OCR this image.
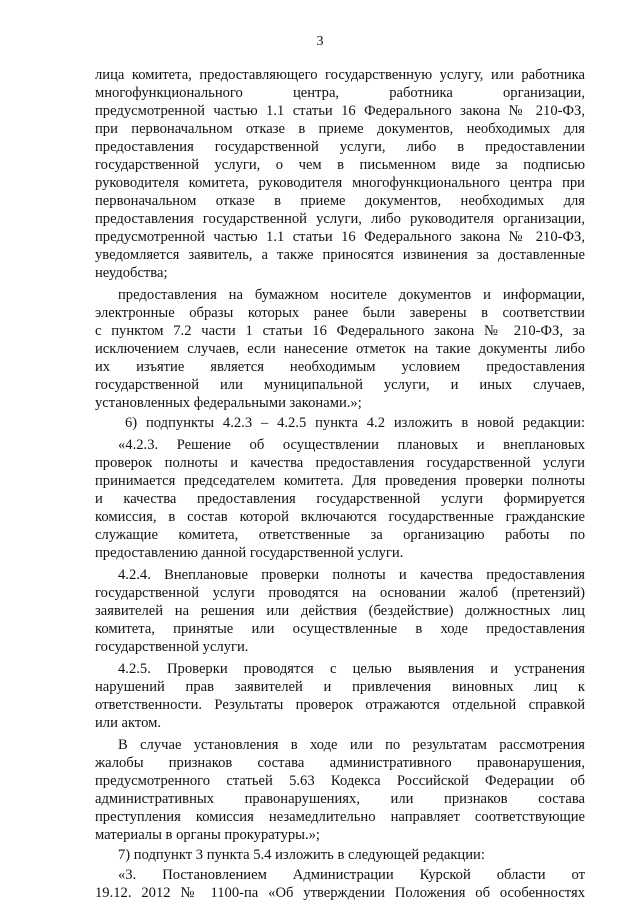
3
лица комитета, предоставляющего государственную услугу, или работника
многофункционального центра, работника организации,
предусмотренной частью 1.1 статьи 16 Федерального закона № 210-ФЗ,
при первоначальном отказе в приеме документов, необходимых для
предоставления государственной услуги, либо в предоставлении
государственной услуги, о чем в письменном виде за подписью
руководителя комитета, руководителя многофункционального центра при
первоначальном отказе в приеме документов, необходимых для
предоставления государственной услуги, либо руководителя организации,
предусмотренной частью 1.1 статьи 16 Федерального закона № 210-ФЗ,
уведомляется заявитель, а также приносятся извинения за доставленные
неудобства;
предоставления на бумажном носителе документов и информации,
электронные образы которых ранее были заверены в соответствии
с пунктом 7.2 части 1 статьи 16 Федерального закона № 210-ФЗ, за
исключением случаев, если нанесение отметок на такие документы либо
их изъятие является необходимым условием предоставления
государственной или муниципальной услуги, и иных случаев,
установленных федеральными законами.»;
6) подпункты 4.2.3 – 4.2.5 пункта 4.2 изложить в новой редакции:
«4.2.3. Решение об осуществлении плановых и внеплановых
проверок полноты и качества предоставления государственной услуги
принимается председателем комитета. Для проведения проверки полноты
и качества предоставления государственной услуги формируется
комиссия, в состав которой включаются государственные гражданские
служащие комитета, ответственные за организацию работы по
предоставлению данной государственной услуги.
4.2.4. Внеплановые проверки полноты и качества предоставления
государственной услуги проводятся на основании жалоб (претензий)
заявителей на решения или действия (бездействие) должностных лиц
комитета, принятые или осуществленные в ходе предоставления
государственной услуги.
4.2.5. Проверки проводятся с целью выявления и устранения
нарушений прав заявителей и привлечения виновных лиц к
ответственности. Результаты проверок отражаются отдельной справкой
или актом.
В случае установления в ходе или по результатам рассмотрения
жалобы признаков состава административного правонарушения,
предусмотренного статьей 5.63 Кодекса Российской Федерации об
административных правонарушениях, или признаков состава
преступления комиссия незамедлительно направляет соответствующие
материалы в органы прокуратуры.»;
7) подпункт 3 пункта 5.4 изложить в следующей редакции:
«3. Постановлением Администрации Курской области от
19.12. 2012 № 1100-па «Об утверждении Положения об особенностях
